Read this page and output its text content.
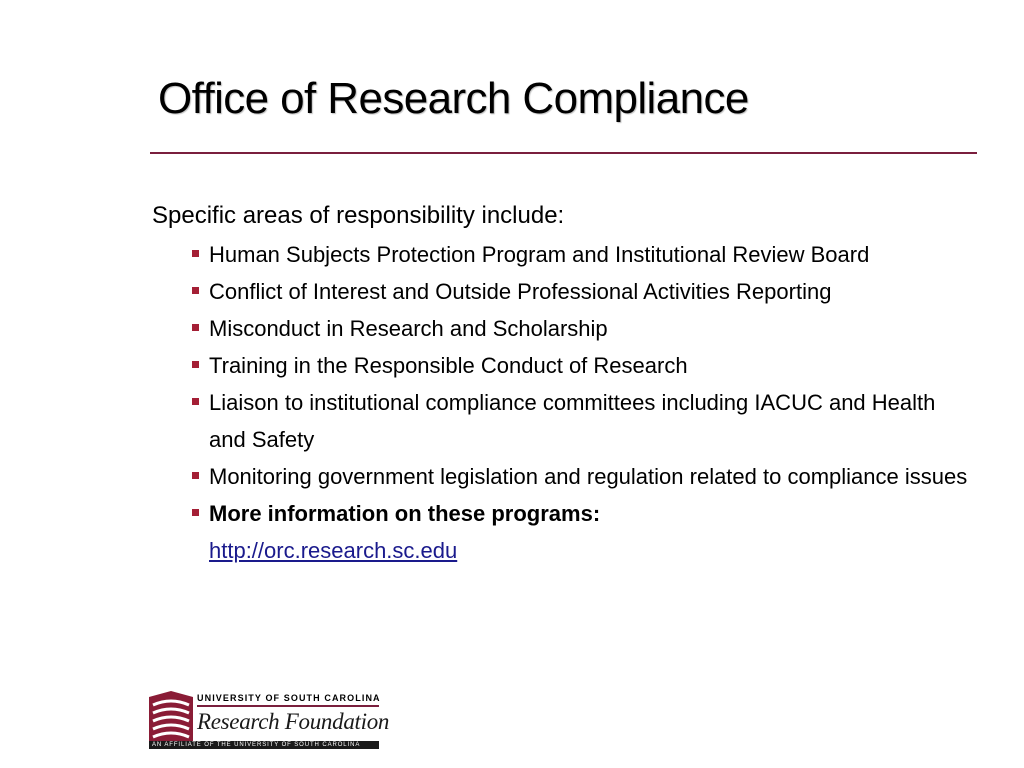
Office of Research Compliance
Specific areas of responsibility include:
Human Subjects Protection Program and Institutional Review Board
Conflict of Interest and Outside Professional Activities Reporting
Misconduct in Research and Scholarship
Training in the Responsible Conduct of Research
Liaison to institutional compliance committees including IACUC and Health and Safety
Monitoring government legislation and regulation related to compliance issues
More information on these programs:
http://orc.research.sc.edu
UNIVERSITY OF SOUTH CAROLINA
Research Foundation
AN AFFILIATE OF THE UNIVERSITY OF SOUTH CAROLINA
